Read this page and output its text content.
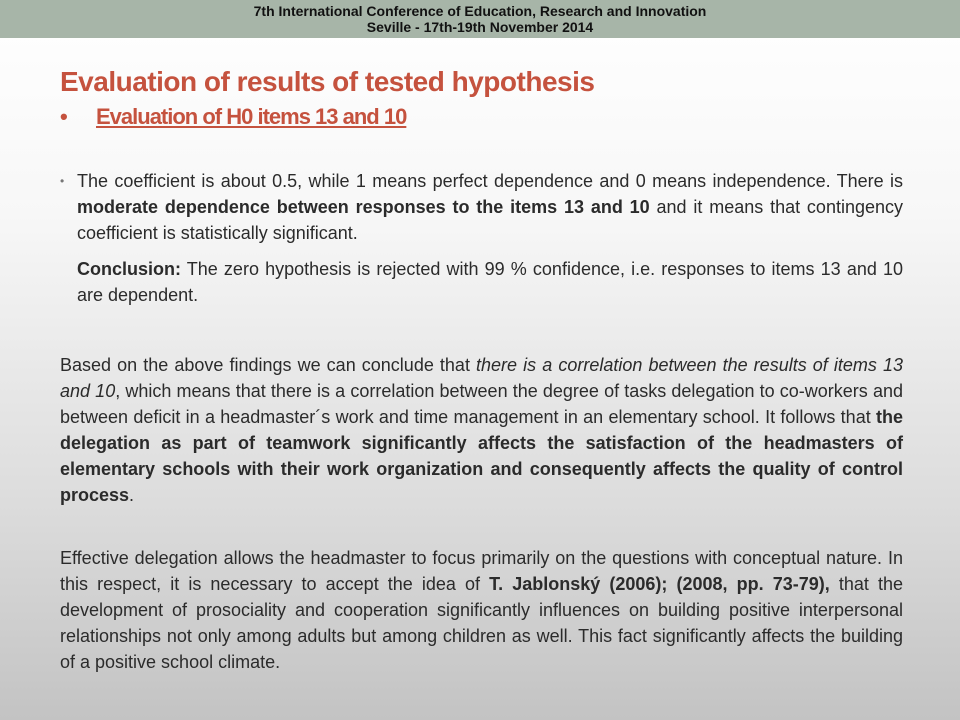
7th International Conference of Education, Research and Innovation
Seville - 17th-19th November 2014
Evaluation of results of tested hypothesis
• Evaluation of H0 items 13 and 10
• The coefficient is about 0.5, while 1 means perfect dependence and 0 means independence. There is moderate dependence between responses to the items 13 and 10 and it means that contingency coefficient is statistically significant.
Conclusion: The zero hypothesis is rejected with 99 % confidence, i.e. responses to items 13 and 10 are dependent.
Based on the above findings we can conclude that there is a correlation between the results of items 13 and 10, which means that there is a correlation between the degree of tasks delegation to co-workers and between deficit in a headmaster´s work and time management in an elementary school. It follows that the delegation as part of teamwork significantly affects the satisfaction of the headmasters of elementary schools with their work organization and consequently affects the quality of control process.
Effective delegation allows the headmaster to focus primarily on the questions with conceptual nature. In this respect, it is necessary to accept the idea of T. Jablonský (2006); (2008, pp. 73-79), that the development of prosociality and cooperation significantly influences on building positive interpersonal relationships not only among adults but among children as well. This fact significantly affects the building of a positive school climate.
